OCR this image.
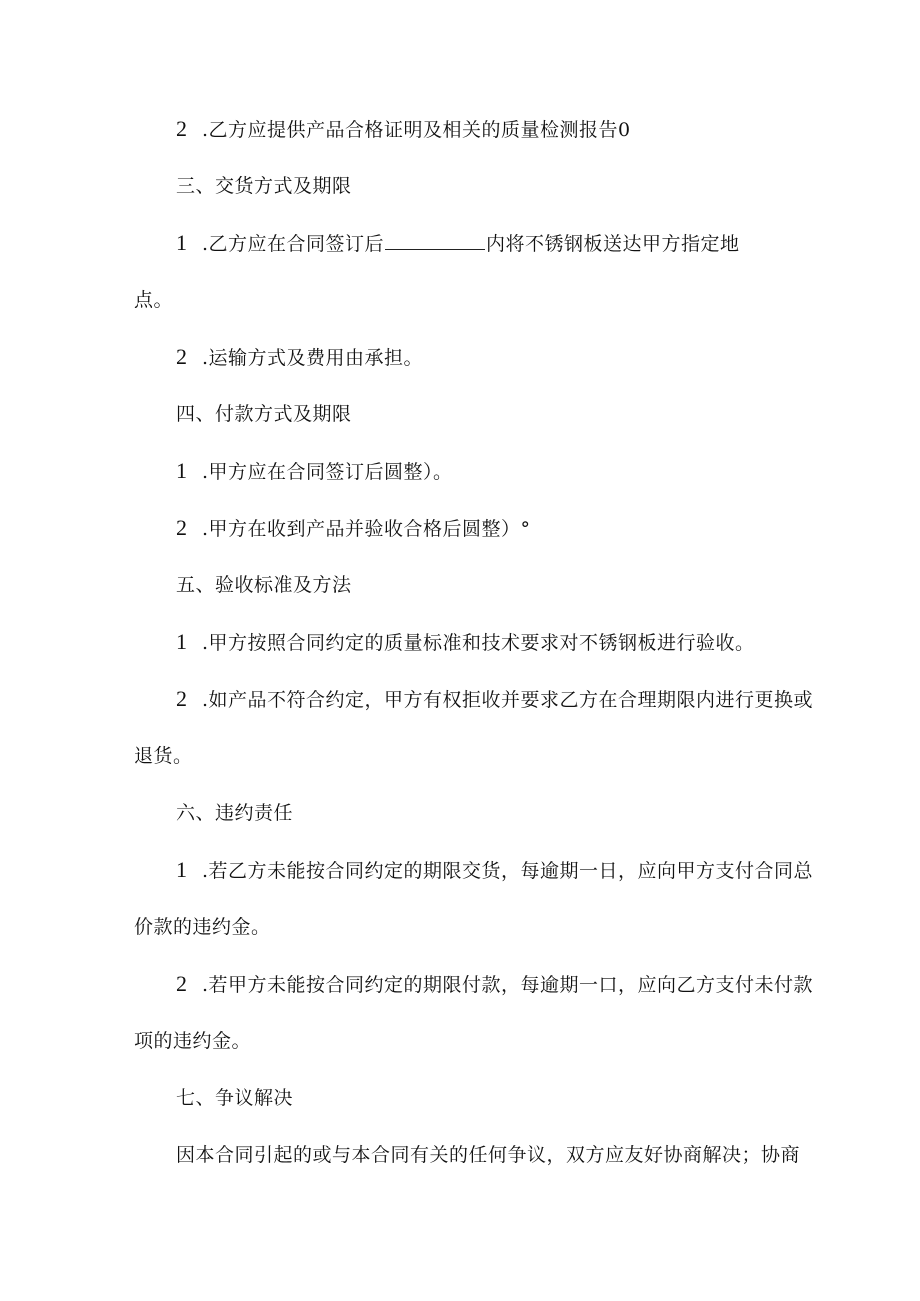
2 .乙方应提供产品合格证明及相关的质量检测报告0
三、交货方式及期限
1 .乙方应在合同签订后	内将不锈钢板送达甲方指定地
点。
2 .运输方式及费用由承担。
四、付款方式及期限
1 .甲方应在合同签订后圆整）。
2 .甲方在收到产品并验收合格后圆整）°
五、验收标准及方法
1 .甲方按照合同约定的质量标准和技术要求对不锈钢板进行验收。
2 .如产品不符合约定，甲方有权拒收并要求乙方在合理期限内进行更换或
退货。
六、违约责任
1 .若乙方未能按合同约定的期限交货，每逾期一日，应向甲方支付合同总
价款的违约金。
2 .若甲方未能按合同约定的期限付款，每逾期一口，应向乙方支付未付款
项的违约金。
七、争议解决
因本合同引起的或与本合同有关的任何争议，双方应友好协商解决；协商
